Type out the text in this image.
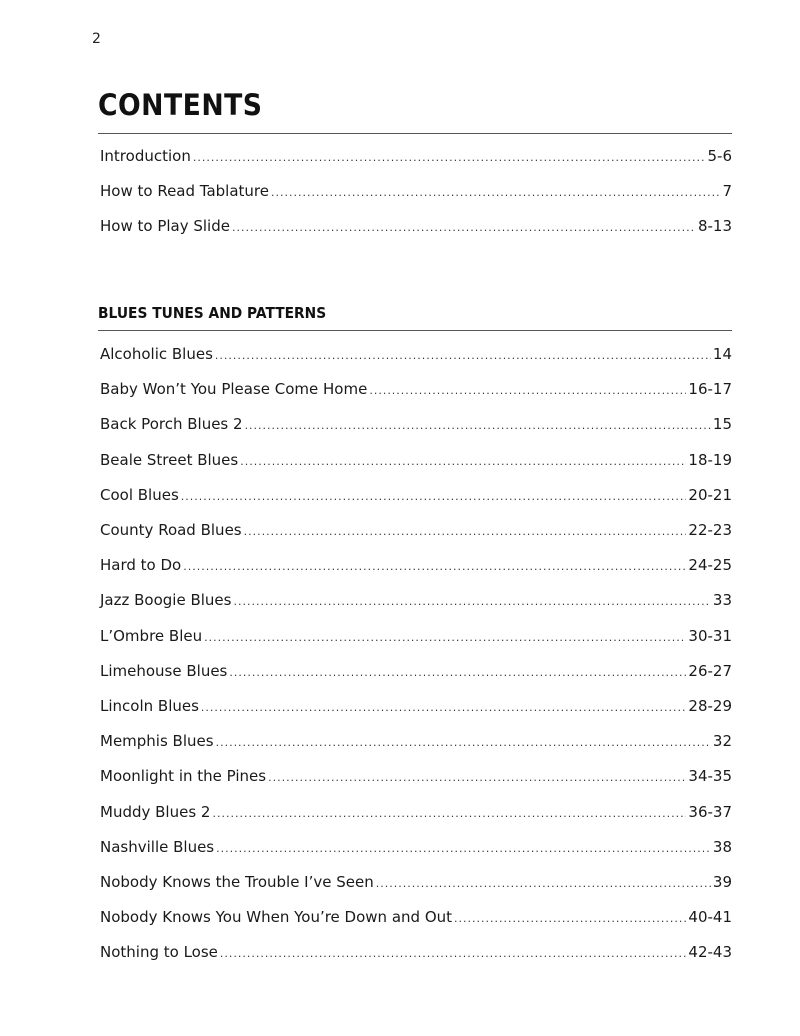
2
CONTENTS
Introduction .....	5-6
How to Read Tablature .....	7
How to Play Slide .....	8-13
BLUES TUNES AND PATTERNS
Alcoholic Blues .....	14
Baby Won’t You Please Come Home .....	16-17
Back Porch Blues 2 .....	15
Beale Street Blues .....	18-19
Cool Blues .....	20-21
County Road Blues .....	22-23
Hard to Do .....	24-25
Jazz Boogie Blues .....	33
L’Ombre Bleu .....	30-31
Limehouse Blues .....	26-27
Lincoln Blues .....	28-29
Memphis Blues .....	32
Moonlight in the Pines .....	34-35
Muddy Blues 2 .....	36-37
Nashville Blues .....	38
Nobody Knows the Trouble I’ve Seen .....	39
Nobody Knows You When You’re Down and Out .....	40-41
Nothing to Lose .....	42-43
